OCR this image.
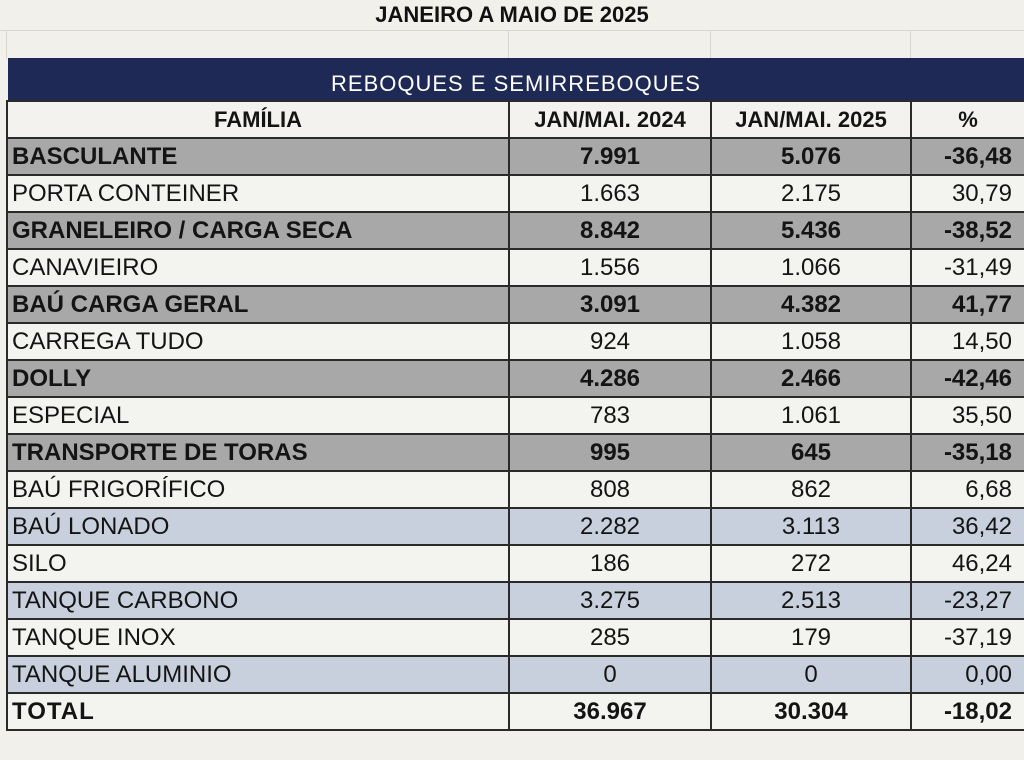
JANEIRO A MAIO DE 2025
REBOQUES E SEMIRREBOQUES
FAMÍLIA	JAN/MAI. 2024	JAN/MAI. 2025	%
BASCULANTE	7.991	5.076	-36,48
PORTA CONTEINER	1.663	2.175	30,79
GRANELEIRO / CARGA SECA	8.842	5.436	-38,52
CANAVIEIRO	1.556	1.066	-31,49
BAÚ CARGA GERAL	3.091	4.382	41,77
CARREGA TUDO	924	1.058	14,50
DOLLY	4.286	2.466	-42,46
ESPECIAL	783	1.061	35,50
TRANSPORTE DE TORAS	995	645	-35,18
BAÚ FRIGORÍFICO	808	862	6,68
BAÚ LONADO	2.282	3.113	36,42
SILO	186	272	46,24
TANQUE CARBONO	3.275	2.513	-23,27
TANQUE INOX	285	179	-37,19
TANQUE ALUMINIO	0	0	0,00
TOTAL	36.967	30.304	-18,02
